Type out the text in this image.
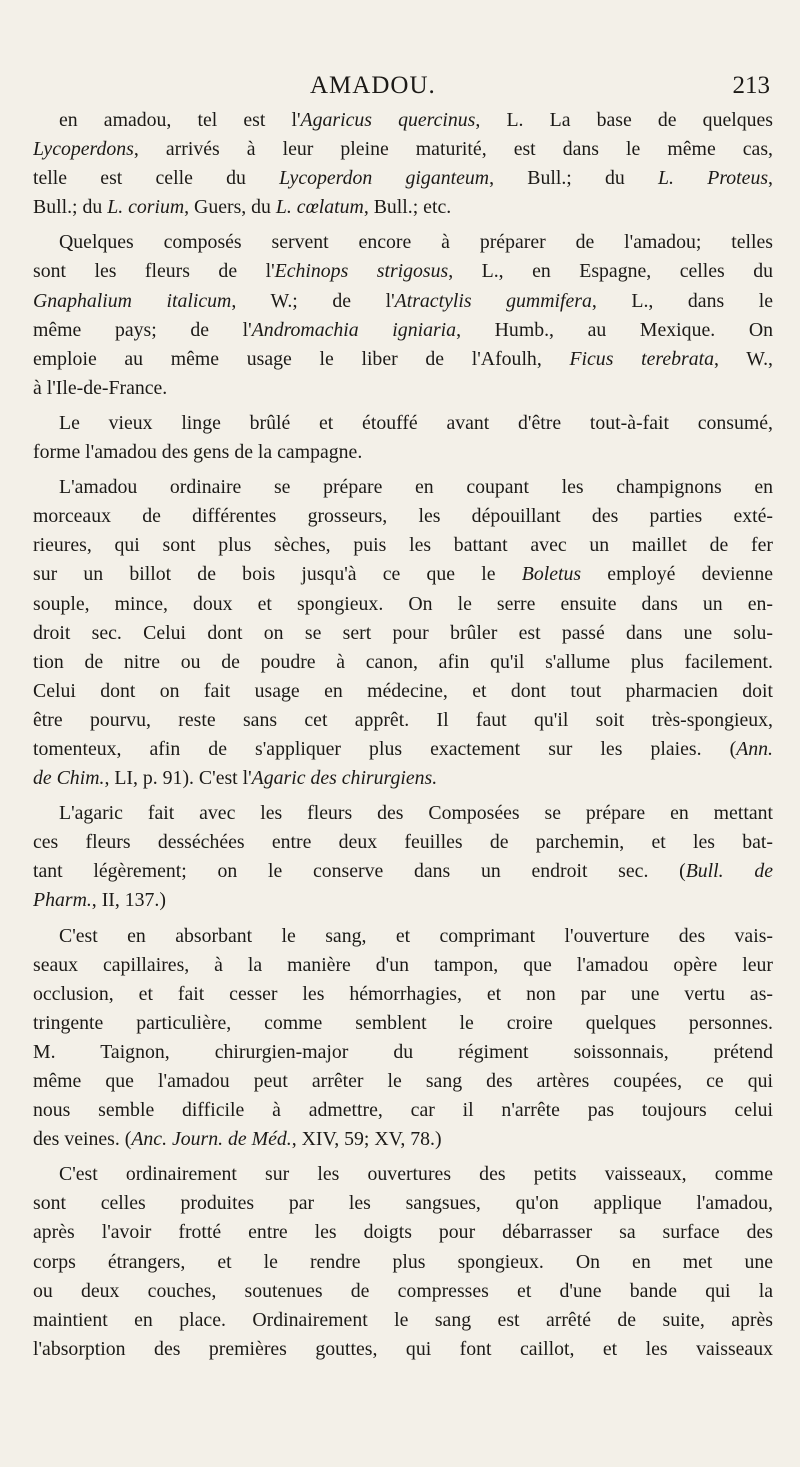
AMADOU.	213
en amadou, tel est l'Agaricus quercinus, L. La base de quelques
Lycoperdons, arrivés à leur pleine maturité, est dans le même cas,
telle est celle du Lycoperdon giganteum, Bull.; du L. Proteus,
Bull.; du L. corium, Guers, du L. cœlatum, Bull.; etc.
Quelques composés servent encore à préparer de l'amadou; telles
sont les fleurs de l'Echinops strigosus, L., en Espagne, celles du
Gnaphalium italicum, W.; de l'Atractylis gummifera, L., dans le
même pays; de l'Andromachia igniaria, Humb., au Mexique. On
emploie au même usage le liber de l'Afoulh, Ficus terebrata, W.,
à l'Ile-de-France.
Le vieux linge brûlé et étouffé avant d'être tout-à-fait consumé,
forme l'amadou des gens de la campagne.
L'amadou ordinaire se prépare en coupant les champignons en
morceaux de différentes grosseurs, les dépouillant des parties exté-
rieures, qui sont plus sèches, puis les battant avec un maillet de fer
sur un billot de bois jusqu'à ce que le Boletus employé devienne
souple, mince, doux et spongieux. On le serre ensuite dans un en-
droit sec. Celui dont on se sert pour brûler est passé dans une solu-
tion de nitre ou de poudre à canon, afin qu'il s'allume plus facilement.
Celui dont on fait usage en médecine, et dont tout pharmacien doit
être pourvu, reste sans cet apprêt. Il faut qu'il soit très-spongieux,
tomenteux, afin de s'appliquer plus exactement sur les plaies. (Ann.
de Chim., LI, p. 91). C'est l'Agaric des chirurgiens.
L'agaric fait avec les fleurs des Composées se prépare en mettant
ces fleurs desséchées entre deux feuilles de parchemin, et les bat-
tant légèrement; on le conserve dans un endroit sec. (Bull. de
Pharm., II, 137.)
C'est en absorbant le sang, et comprimant l'ouverture des vais-
seaux capillaires, à la manière d'un tampon, que l'amadou opère leur
occlusion, et fait cesser les hémorrhagies, et non par une vertu as-
tringente particulière, comme semblent le croire quelques personnes.
M. Taignon, chirurgien-major du régiment soissonnais, prétend
même que l'amadou peut arrêter le sang des artères coupées, ce qui
nous semble difficile à admettre, car il n'arrête pas toujours celui
des veines. (Anc. Journ. de Méd., XIV, 59; XV, 78.)
C'est ordinairement sur les ouvertures des petits vaisseaux, comme
sont celles produites par les sangsues, qu'on applique l'amadou,
après l'avoir frotté entre les doigts pour débarrasser sa surface des
corps étrangers, et le rendre plus spongieux. On en met une
ou deux couches, soutenues de compresses et d'une bande qui la
maintient en place. Ordinairement le sang est arrêté de suite, après
l'absorption des premières gouttes, qui font caillot, et les vaisseaux
